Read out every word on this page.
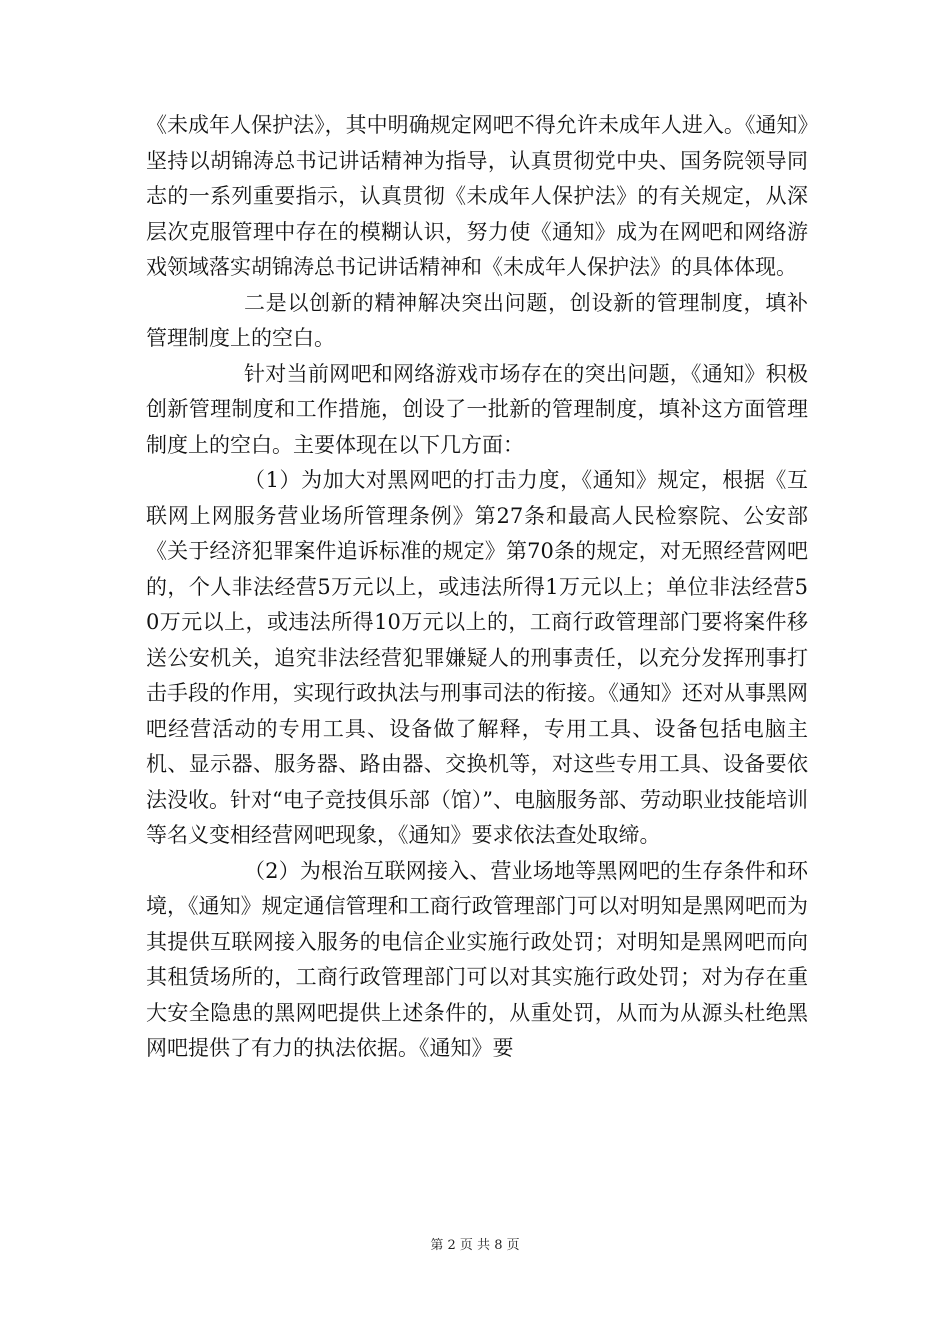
《未成年人保护法》，其中明确规定网吧不得允许未成年人进入。《通知》坚持以胡锦涛总书记讲话精神为指导，认真贯彻党中央、国务院领导同志的一系列重要指示，认真贯彻《未成年人保护法》的有关规定，从深层次克服管理中存在的模糊认识，努力使《通知》成为在网吧和网络游戏领域落实胡锦涛总书记讲话精神和《未成年人保护法》的具体体现。

二是以创新的精神解决突出问题，创设新的管理制度，填补管理制度上的空白。

针对当前网吧和网络游戏市场存在的突出问题，《通知》积极创新管理制度和工作措施，创设了一批新的管理制度，填补这方面管理制度上的空白。主要体现在以下几方面：

（1）为加大对黑网吧的打击力度，《通知》规定，根据《互联网上网服务营业场所管理条例》第27条和最高人民检察院、公安部《关于经济犯罪案件追诉标准的规定》第70条的规定，对无照经营网吧的，个人非法经营5万元以上，或违法所得1万元以上；单位非法经营50万元以上，或违法所得10万元以上的，工商行政管理部门要将案件移送公安机关，追究非法经营犯罪嫌疑人的刑事责任，以充分发挥刑事打击手段的作用，实现行政执法与刑事司法的衔接。《通知》还对从事黑网吧经营活动的专用工具、设备做了解释，专用工具、设备包括电脑主机、显示器、服务器、路由器、交换机等，对这些专用工具、设备要依法没收。针对“电子竞技俱乐部（馆）”、电脑服务部、劳动职业技能培训等名义变相经营网吧现象，《通知》要求依法查处取缔。

（2）为根治互联网接入、营业场地等黑网吧的生存条件和环境，《通知》规定通信管理和工商行政管理部门可以对明知是黑网吧而为其提供互联网接入服务的电信企业实施行政处罚；对明知是黑网吧而向其租赁场所的，工商行政管理部门可以对其实施行政处罚；对为存在重大安全隐患的黑网吧提供上述条件的，从重处罚，从而为从源头杜绝黑网吧提供了有力的执法依据。《通知》要

第 2 页 共 8 页
